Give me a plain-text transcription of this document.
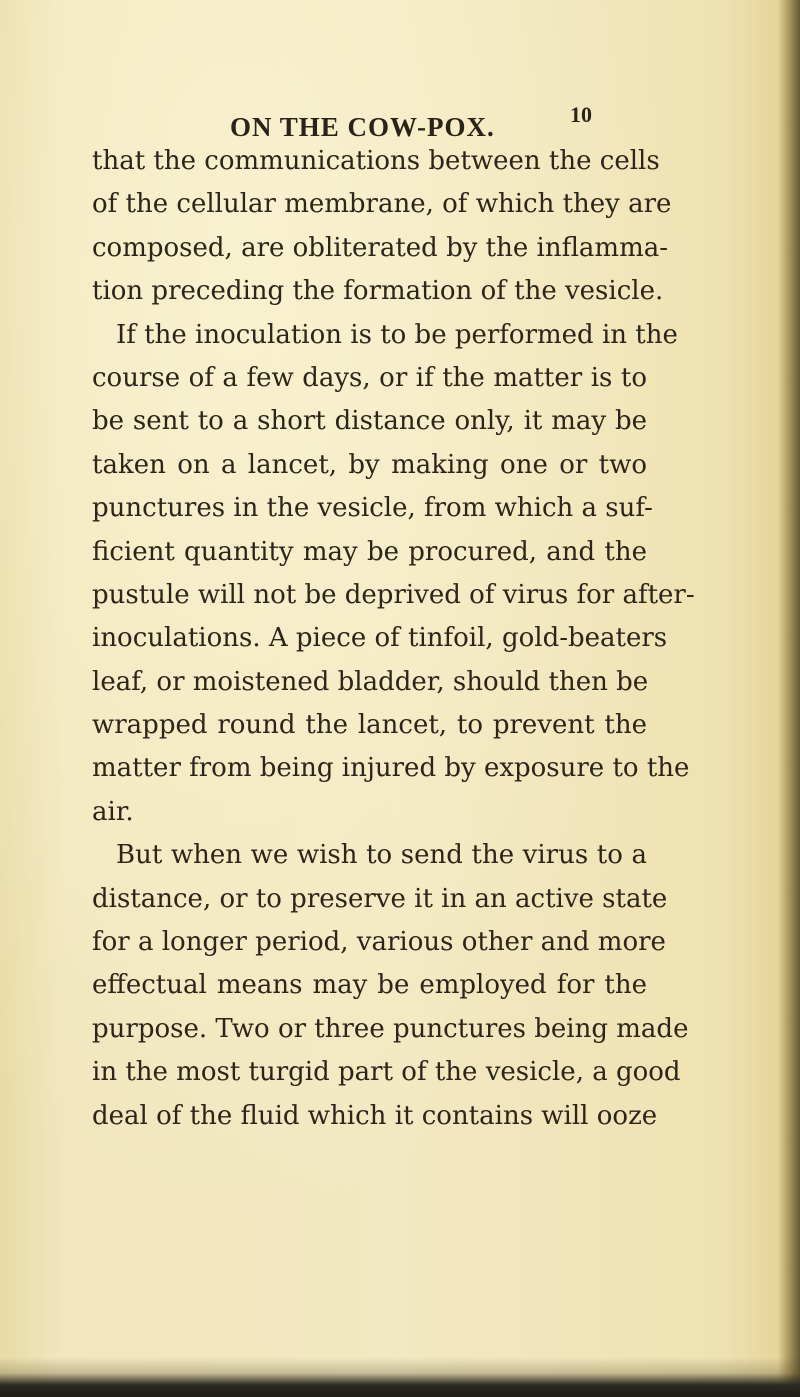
ON THE COW-POX.	10
that the communications between the cells
of the cellular membrane, of which they are
composed, are obliterated by the inflamma-
tion preceding the formation of the vesicle.
If the inoculation is to be performed in the
course of a few days, or if the matter is to
be sent to a short distance only, it may be
taken on a lancet, by making one or two
punctures in the vesicle, from which a suf-
ficient quantity may be procured, and the
pustule will not be deprived of virus for after-
inoculations. A piece of tinfoil, gold-beaters
leaf, or moistened bladder, should then be
wrapped round the lancet, to prevent the
matter from being injured by exposure to the
air.
But when we wish to send the virus to a
distance, or to preserve it in an active state
for a longer period, various other and more
effectual means may be employed for the
purpose. Two or three punctures being made
in the most turgid part of the vesicle, a good
deal of the fluid which it contains will ooze
